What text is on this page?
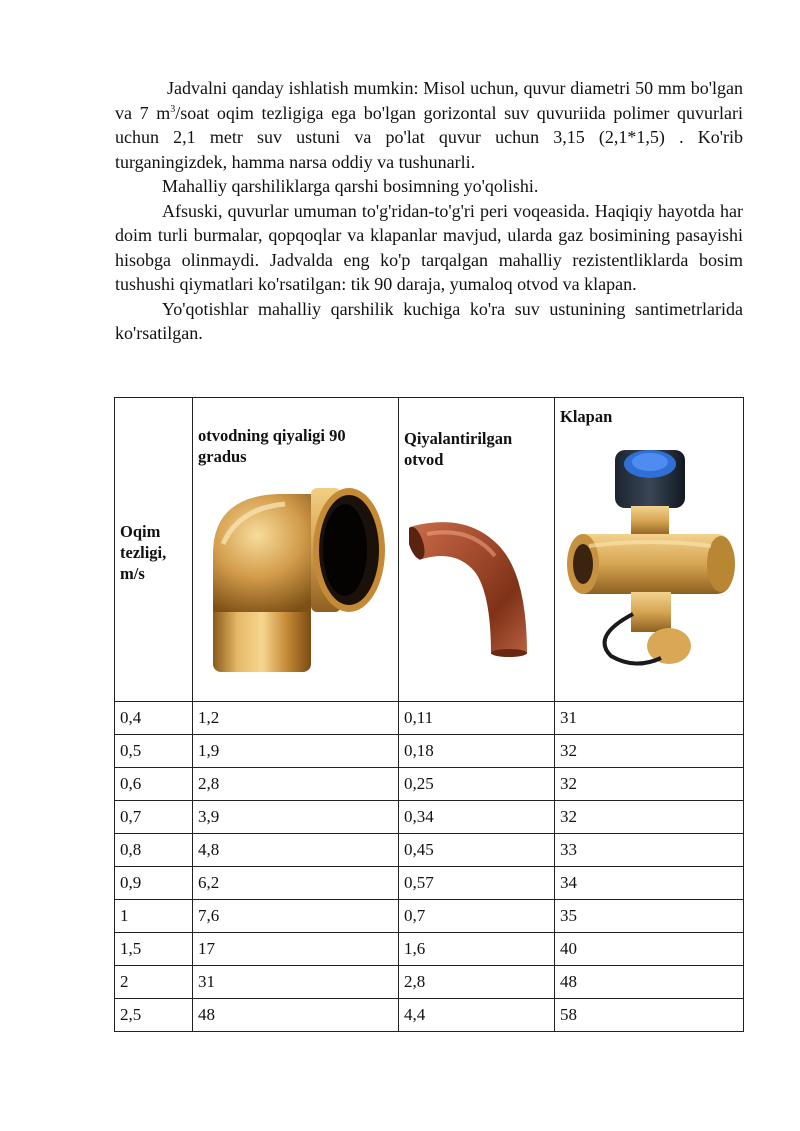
Jadvalni qanday ishlatish mumkin: Misol uchun, quvur diametri 50 mm bo'lgan va 7 $m^3$/soat oqim tezligiga ega bo'lgan gorizontal suv quvuriida polimer quvurlari uchun 2,1 metr suv ustuni va po'lat quvur uchun 3,15 (2,1*1,5) . Ko'rib turganingizdek, hamma narsa oddiy va tushunarli.

Mahalliy qarshiliklarga qarshi bosimning yo'qolishi.

Afsuski, quvurlar umuman to'g'ridan-to'g'ri peri voqeasida. Haqiqiy hayotda har doim turli burmalar, qopqoqlar va klapanlar mavjud, ularda gaz bosimining pasayishi hisobga olinmaydi. Jadvalda eng ko'p tarqalgan mahalliy rezistentliklarda bosim tushushi qiymatlari ko'rsatilgan: tik 90 daraja, yumaloq otvod va klapan.

Yo'qotishlar mahalliy qarshilik kuchiga ko'ra suv ustunining santimetrlarida ko'rsatilgan.

Oqim tezligi, m/s	otvodning qiyaligi 90 gradus	Qiyalantirilgan otvod	Klapan

0,4	1,2	0,11	31
0,5	1,9	0,18	32
0,6	2,8	0,25	32
0,7	3,9	0,34	32
0,8	4,8	0,45	33
0,9	6,2	0,57	34
1	7,6	0,7	35
1,5	17	1,6	40
2	31	2,8	48
2,5	48	4,4	58
